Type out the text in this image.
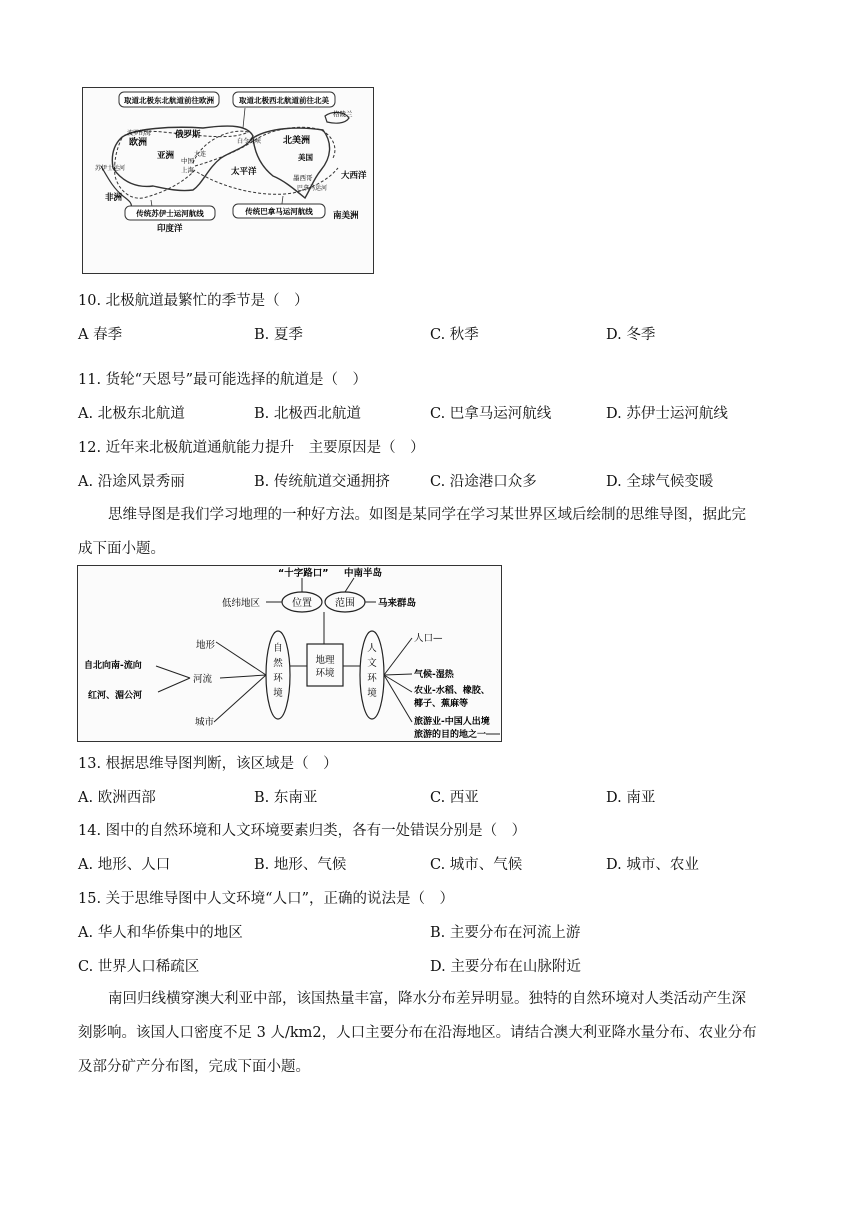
取道北极东北航道前往欧洲	取道北极西北航道前往北美
传统苏伊士运河航线	传统巴拿马运河航线
格陵兰
波罗的海
欧洲
俄罗斯
亚洲
白令海峡 北美洲
美国
墨西哥
大连
中国
上海	太平洋
苏伊士运河
非洲
巴拿马运河
大西洋
印度洋
南美洲
10. 北极航道最繁忙的季节是（　）
A 春季	B. 夏季	C. 秋季	D. 冬季
11. 货轮“天恩号”最可能选择的航道是（　）
A. 北极东北航道	B. 北极西北航道	C. 巴拿马运河航线	D. 苏伊士运河航线
12. 近年来北极航道通航能力提升　主要原因是（　）
A. 沿途风景秀丽	B. 传统航道交通拥挤	C. 沿途港口众多	D. 全球气候变暖
思维导图是我们学习地理的一种好方法。如图是某同学在学习某世界区域后绘制的思维导图，据此完
成下面小题。
位置 范围
“十字路口” 中南半岛
低纬地区	马来群岛
地理
环境
自
然
环
境
人
文
环
境
地形
河流
城市
自北向南-流向
红河、湄公河
人口—
气候-湿热
农业-水稻、橡胶、
椰子、蕉麻等
旅游业-中国人出境
旅游的目的地之一
13. 根据思维导图判断，该区域是（　）
A. 欧洲西部	B. 东南亚	C. 西亚	D. 南亚
14. 图中的自然环境和人文环境要素归类，各有一处错误分别是（　）
A. 地形、人口	B. 地形、气候	C. 城市、气候	D. 城市、农业
15. 关于思维导图中人文环境“人口”，正确的说法是（　）
A. 华人和华侨集中的地区	B. 主要分布在河流上游
C. 世界人口稀疏区	D. 主要分布在山脉附近
南回归线横穿澳大利亚中部，该国热量丰富，降水分布差异明显。独特的自然环境对人类活动产生深
刻影响。该国人口密度不足 3 人/km2，人口主要分布在沿海地区。请结合澳大利亚降水量分布、农业分布
及部分矿产分布图，完成下面小题。
